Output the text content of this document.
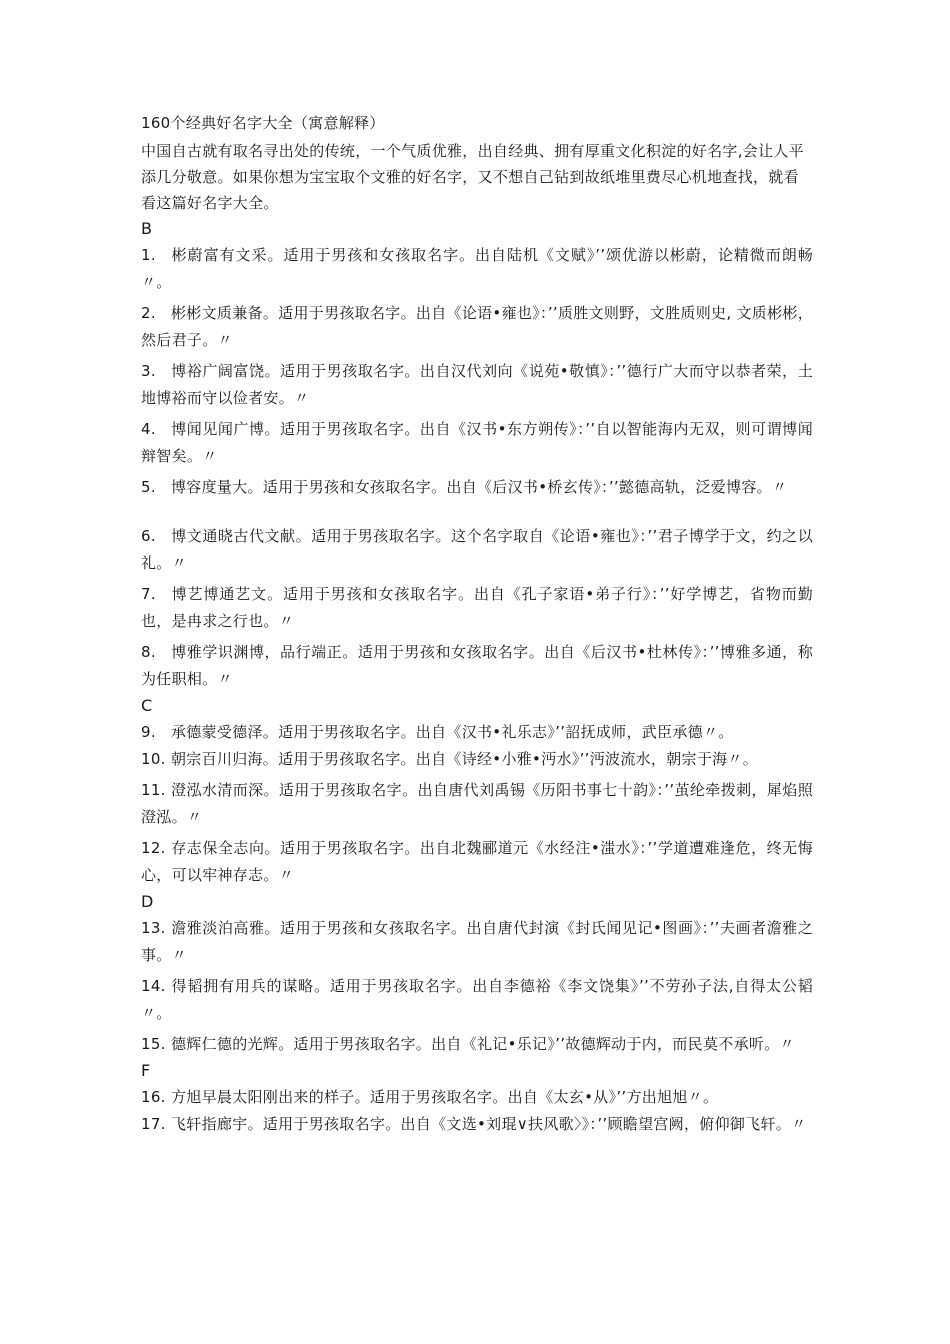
160个经典好名字大全（寓意解释）

中国自古就有取名寻出处的传统，一个气质优雅，出自经典、拥有厚重文化积淀的好名字,会让人平添几分敬意。如果你想为宝宝取个文雅的好名字，又不想自己钻到故纸堆里费尽心机地查找，就看看这篇好名字大全。

B

1. 彬蔚富有文采。适用于男孩和女孩取名字。出自陆机《文赋》’’颂优游以彬蔚，论精微而朗畅〃。

2. 彬彬文质兼备。适用于男孩取名字。出自《论语•雍也》：’’质胜文则野，文胜质则史, 文质彬彬，然后君子。〃

3. 博裕广阔富饶。适用于男孩取名字。出自汉代刘向《说苑•敬慎》：’’德行广大而守以恭者荣，土地博裕而守以俭者安。〃

4. 博闻见闻广博。适用于男孩取名字。出自《汉书•东方朔传》：’’自以智能海内无双，则可谓博闻辩智矣。〃

5. 博容度量大。适用于男孩和女孩取名字。出自《后汉书•桥玄传》：’’懿德高轨，泛爱博容。〃

6. 博文通晓古代文献。适用于男孩取名字。这个名字取自《论语•雍也》：’’君子博学于文，约之以礼。〃

7. 博艺博通艺文。适用于男孩和女孩取名字。出自《孔子家语•弟子行》：’’好学博艺，省物而勤也，是冉求之行也。〃

8. 博雅学识渊博，品行端正。适用于男孩和女孩取名字。出自《后汉书•杜林传》：’’博雅多通，称为任职相。〃

C

9. 承德蒙受德泽。适用于男孩取名字。出自《汉书•礼乐志》’’詔抚成师，武臣承德〃。

10. 朝宗百川归海。适用于男孩取名字。出自《诗经•小雅•沔水》’’沔波流水，朝宗于海〃。

11. 澄泓水清而深。适用于男孩取名字。出自唐代刘禹锡《历阳书事七十韵》：’’茧纶牵拨刺，犀焰照澄泓。〃

12. 存志保全志向。适用于男孩取名字。出自北魏郦道元《水经注•滍水》：’’学道遭难逢危，终无悔心，可以牢神存志。〃

D

13. 澹雅淡泊高雅。适用于男孩和女孩取名字。出自唐代封演《封氏闻见记•图画》：’’夫画者澹雅之事。〃

14. 得韬拥有用兵的谋略。适用于男孩取名字。出自李德裕《李文饶集》’’不劳孙子法,自得太公韬〃。

15. 德辉仁德的光辉。适用于男孩取名字。出自《礼记•乐记》’’故德辉动于内，而民莫不承听。〃

F

16. 方旭早晨太阳刚出来的样子。适用于男孩取名字。出自《太玄•从》’’方出旭旭〃。

17. 飞轩指廊宇。适用于男孩取名字。出自《文选•刘琨∨扶风歌〉》：’’顾瞻望宫阙，俯仰御飞轩。〃
